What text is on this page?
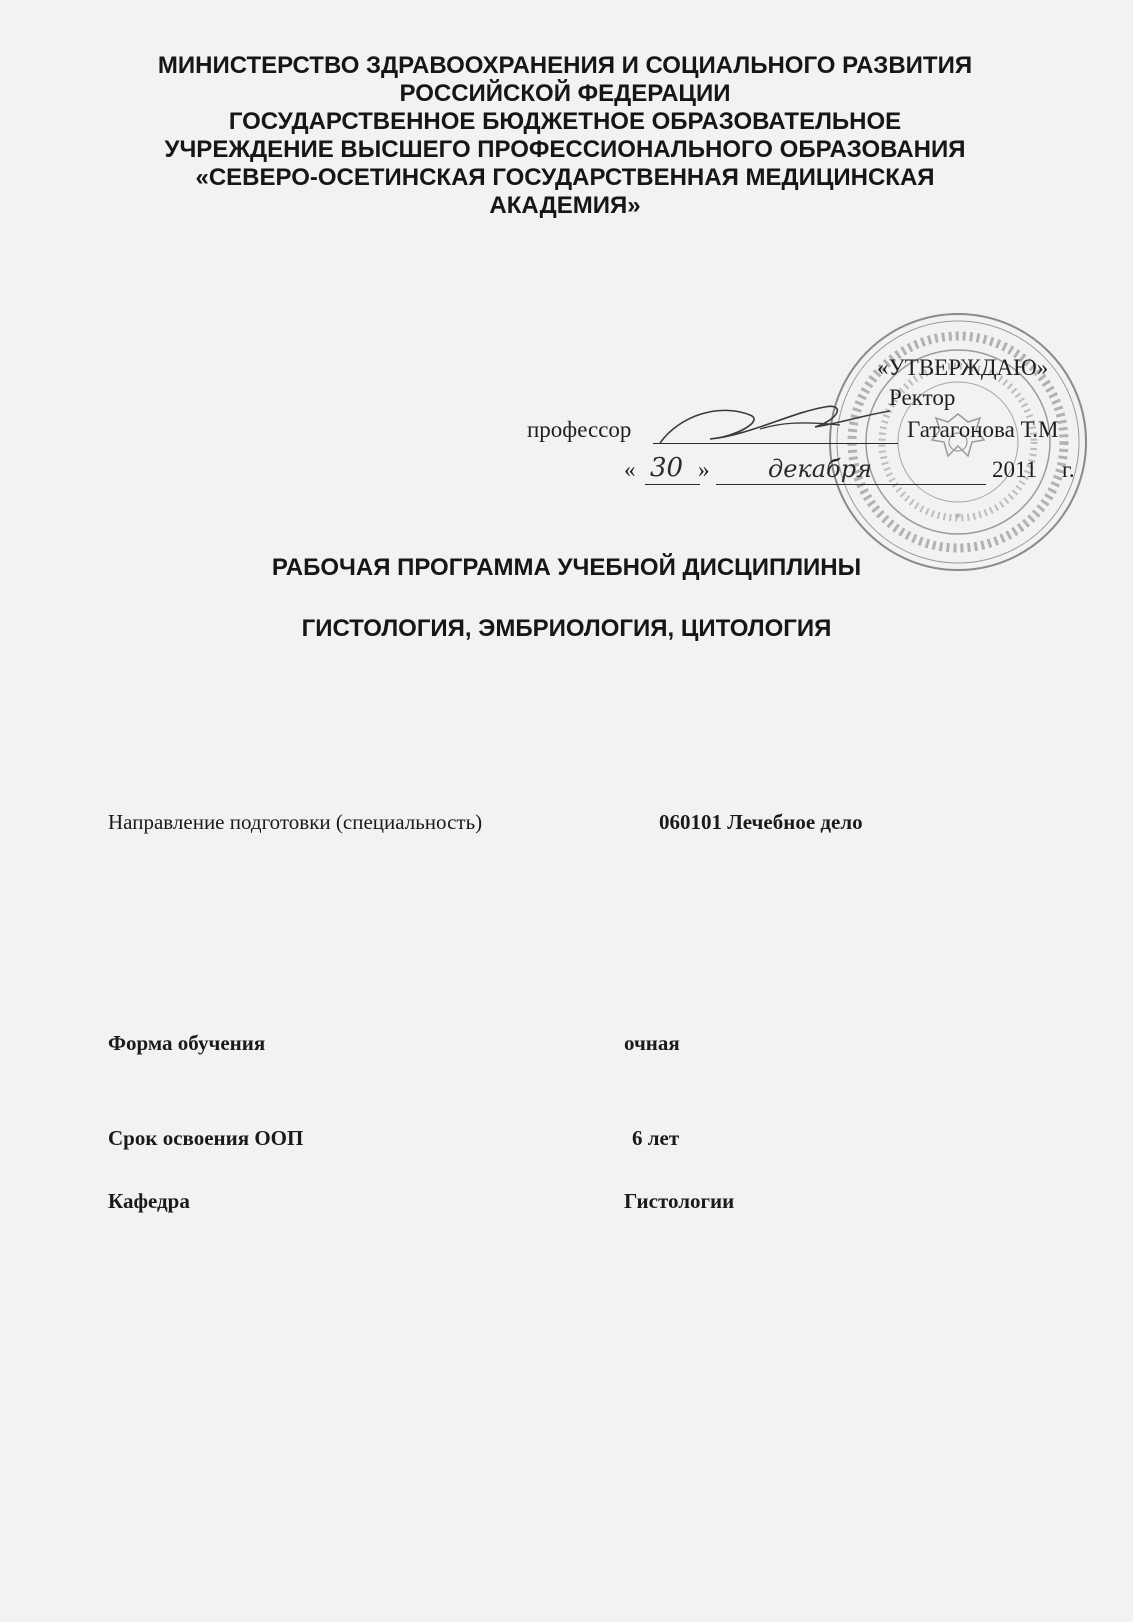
МИНИСТЕРСТВО ЗДРАВООХРАНЕНИЯ И СОЦИАЛЬНОГО РАЗВИТИЯ
РОССИЙСКОЙ ФЕДЕРАЦИИ
ГОСУДАРСТВЕННОЕ БЮДЖЕТНОЕ ОБРАЗОВАТЕЛЬНОЕ
УЧРЕЖДЕНИЕ ВЫСШЕГО ПРОФЕССИОНАЛЬНОГО ОБРАЗОВАНИЯ
«СЕВЕРО-ОСЕТИНСКАЯ ГОСУДАРСТВЕННАЯ МЕДИЦИНСКАЯ
АКАДЕМИЯ»
*
«УТВЕРЖДАЮ»
Ректор
профессор	Гатагонова Т.М
« 30 » декабря	2011 г.
РАБОЧАЯ ПРОГРАММА УЧЕБНОЙ ДИСЦИПЛИНЫ
ГИСТОЛОГИЯ, ЭМБРИОЛОГИЯ, ЦИТОЛОГИЯ
Направление подготовки (специальность)	060101 Лечебное дело
Форма обучения	очная
Срок освоения ООП	6 лет
Кафедра	Гистологии
